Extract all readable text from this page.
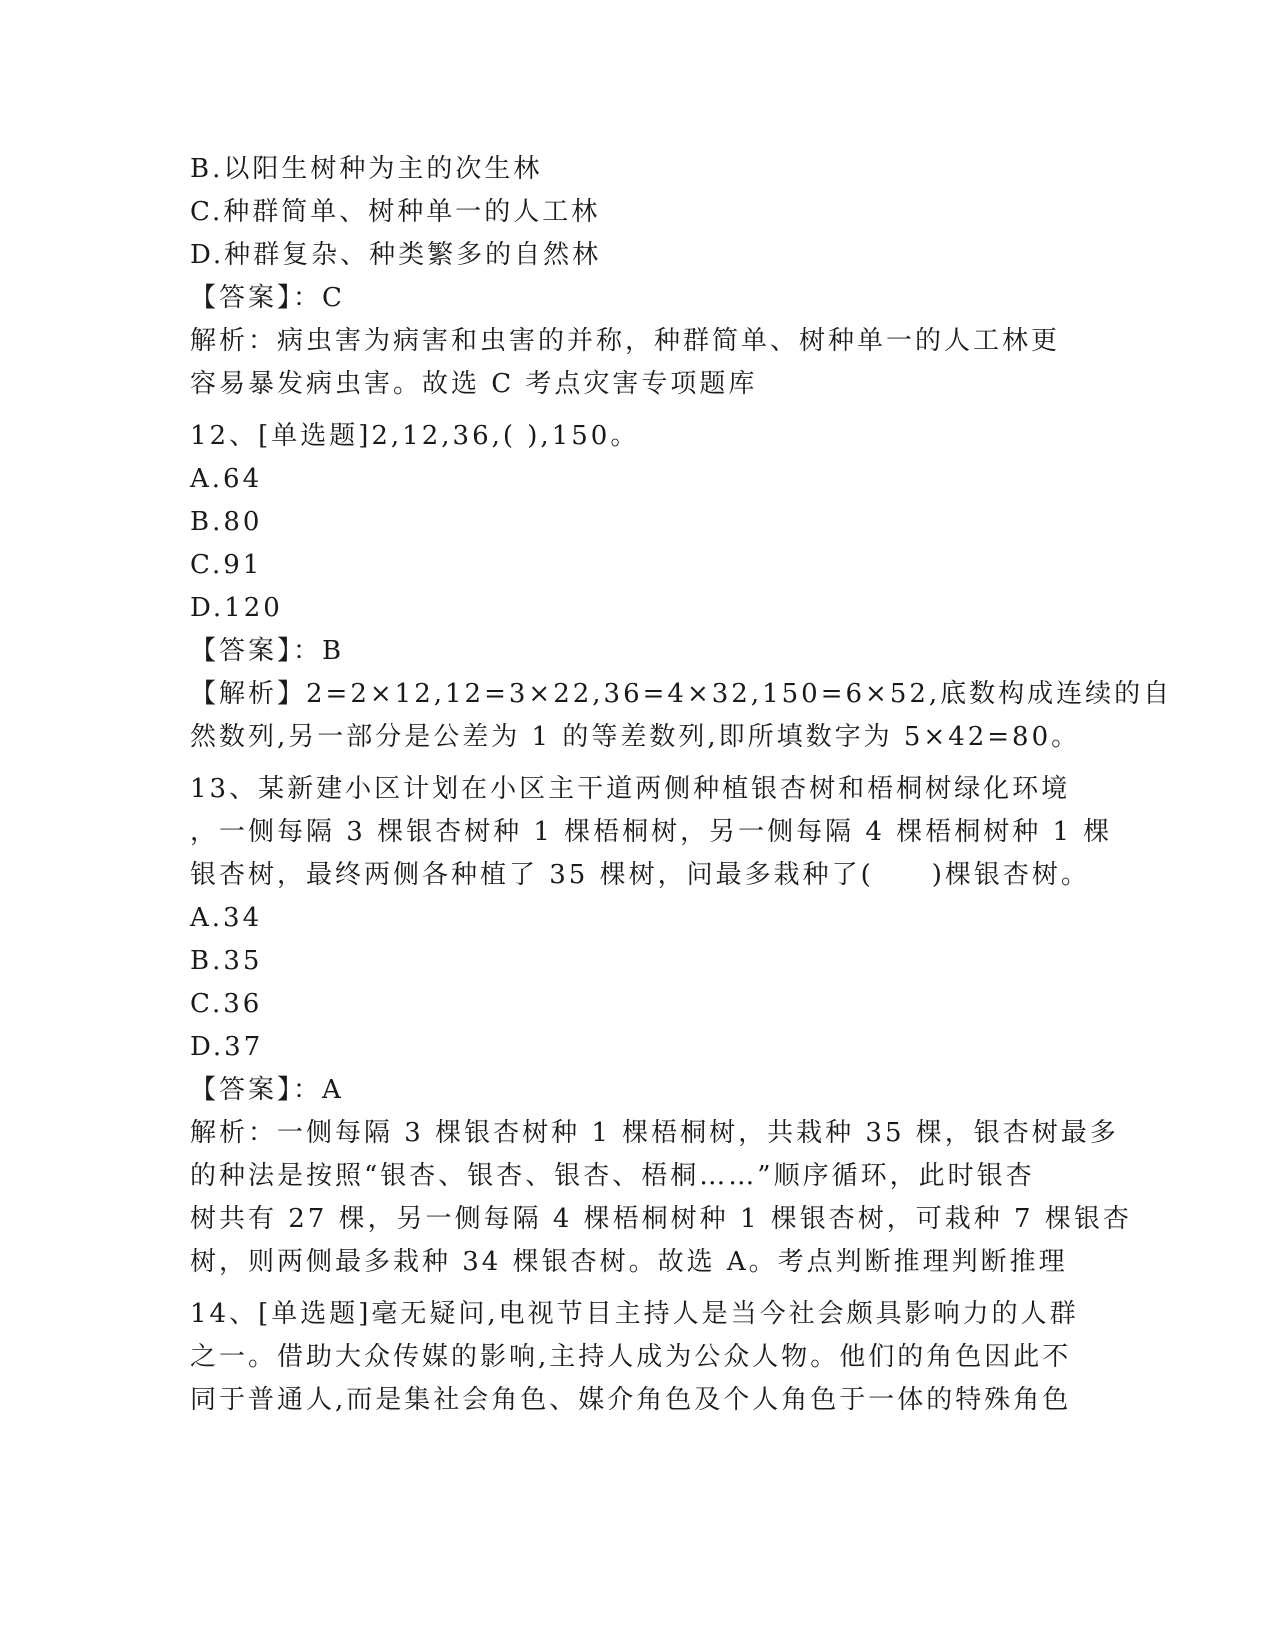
B.以阳生树种为主的次生林
C.种群简单、树种单一的人工林
D.种群复杂、种类繁多的自然林
【答案】：C
解析：病虫害为病害和虫害的并称，种群简单、树种单一的人工林更
容易暴发病虫害。故选 C 考点灾害专项题库
12、[单选题]2,12,36,( ),150。
A.64
B.80
C.91
D.120
【答案】：B
【解析】2=2×12,12=3×22,36=4×32,150=6×52,底数构成连续的自
然数列,另一部分是公差为 1 的等差数列,即所填数字为 5×42=80。
13、某新建小区计划在小区主干道两侧种植银杏树和梧桐树绿化环境
，一侧每隔 3 棵银杏树种 1 棵梧桐树，另一侧每隔 4 棵梧桐树种 1 棵
银杏树，最终两侧各种植了 35 棵树，问最多栽种了(　　)棵银杏树。
A.34
B.35
C.36
D.37
【答案】：A
解析：一侧每隔 3 棵银杏树种 1 棵梧桐树，共栽种 35 棵，银杏树最多
的种法是按照“银杏、银杏、银杏、梧桐……”顺序循环，此时银杏
树共有 27 棵，另一侧每隔 4 棵梧桐树种 1 棵银杏树，可栽种 7 棵银杏
树，则两侧最多栽种 34 棵银杏树。故选 A。考点判断推理判断推理
14、[单选题]毫无疑问,电视节目主持人是当今社会颇具影响力的人群
之一。借助大众传媒的影响,主持人成为公众人物。他们的角色因此不
同于普通人,而是集社会角色、媒介角色及个人角色于一体的特殊角色
